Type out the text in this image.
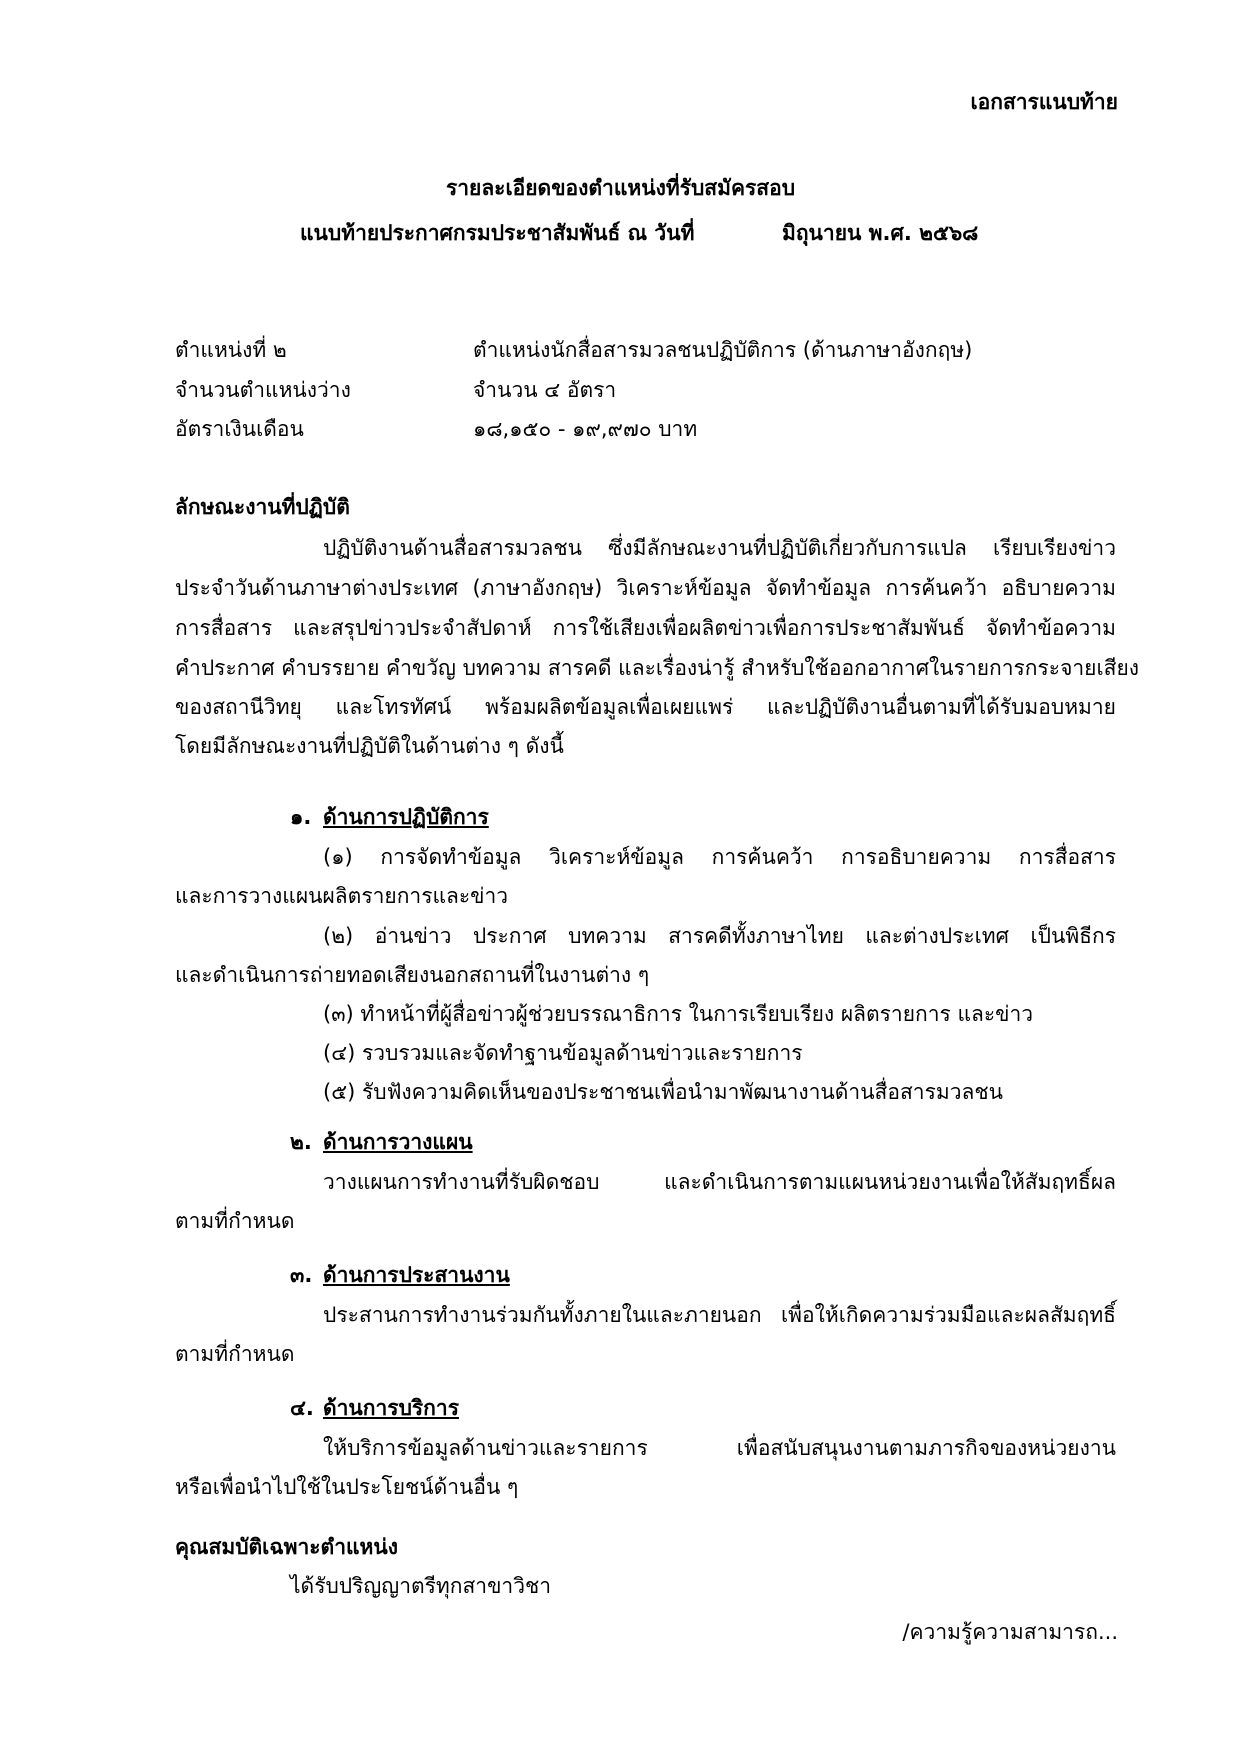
เอกสารแนบท้าย
รายละเอียดของตำแหน่งที่รับสมัครสอบ
แนบท้ายประกาศกรมประชาสัมพันธ์ ณ วันที่	มิถุนายน พ.ศ. ๒๕๖๘
ตำแหน่งที่ ๒	ตำแหน่งนักสื่อสารมวลชนปฏิบัติการ (ด้านภาษาอังกฤษ)
จำนวนตำแหน่งว่าง	จำนวน ๔ อัตรา
อัตราเงินเดือน	๑๘,๑๕๐ - ๑๙,๙๗๐ บาท
ลักษณะงานที่ปฏิบัติ
ปฏิบัติงานด้านสื่อสารมวลชน ซึ่งมีลักษณะงานที่ปฏิบัติเกี่ยวกับการแปล เรียบเรียงข่าว
ประจำวันด้านภาษาต่างประเทศ (ภาษาอังกฤษ) วิเคราะห์ข้อมูล จัดทำข้อมูล การค้นคว้า อธิบายความ
การสื่อสาร และสรุปข่าวประจำสัปดาห์ การใช้เสียงเพื่อผลิตข่าวเพื่อการประชาสัมพันธ์ จัดทำข้อความ
คำประกาศ คำบรรยาย คำขวัญ บทความ สารคดี และเรื่องน่ารู้ สำหรับใช้ออกอากาศในรายการกระจายเสียง
ของสถานีวิทยุ และโทรทัศน์ พร้อมผลิตข้อมูลเพื่อเผยแพร่ และปฏิบัติงานอื่นตามที่ได้รับมอบหมาย
โดยมีลักษณะงานที่ปฏิบัติในด้านต่าง ๆ ดังนี้
๑. ด้านการปฏิบัติการ
(๑) การจัดทำข้อมูล วิเคราะห์ข้อมูล การค้นคว้า การอธิบายความ การสื่อสาร
และการวางแผนผลิตรายการและข่าว
(๒) อ่านข่าว ประกาศ บทความ สารคดีทั้งภาษาไทย และต่างประเทศ เป็นพิธีกร
และดำเนินการถ่ายทอดเสียงนอกสถานที่ในงานต่าง ๆ
(๓) ทำหน้าที่ผู้สื่อข่าวผู้ช่วยบรรณาธิการ ในการเรียบเรียง ผลิตรายการ และข่าว
(๔) รวบรวมและจัดทำฐานข้อมูลด้านข่าวและรายการ
(๕) รับฟังความคิดเห็นของประชาชนเพื่อนำมาพัฒนางานด้านสื่อสารมวลชน
๒. ด้านการวางแผน
วางแผนการทำงานที่รับผิดชอบ และดำเนินการตามแผนหน่วยงานเพื่อให้สัมฤทธิ์ผล
ตามที่กำหนด
๓. ด้านการประสานงาน
ประสานการทำงานร่วมกันทั้งภายในและภายนอก เพื่อให้เกิดความร่วมมือและผลสัมฤทธิ์
ตามที่กำหนด
๔. ด้านการบริการ
ให้บริการข้อมูลด้านข่าวและรายการ เพื่อสนับสนุนงานตามภารกิจของหน่วยงาน
หรือเพื่อนำไปใช้ในประโยชน์ด้านอื่น ๆ
คุณสมบัติเฉพาะตำแหน่ง
ได้รับปริญญาตรีทุกสาขาวิชา
/ความรู้ความสามารถ...
